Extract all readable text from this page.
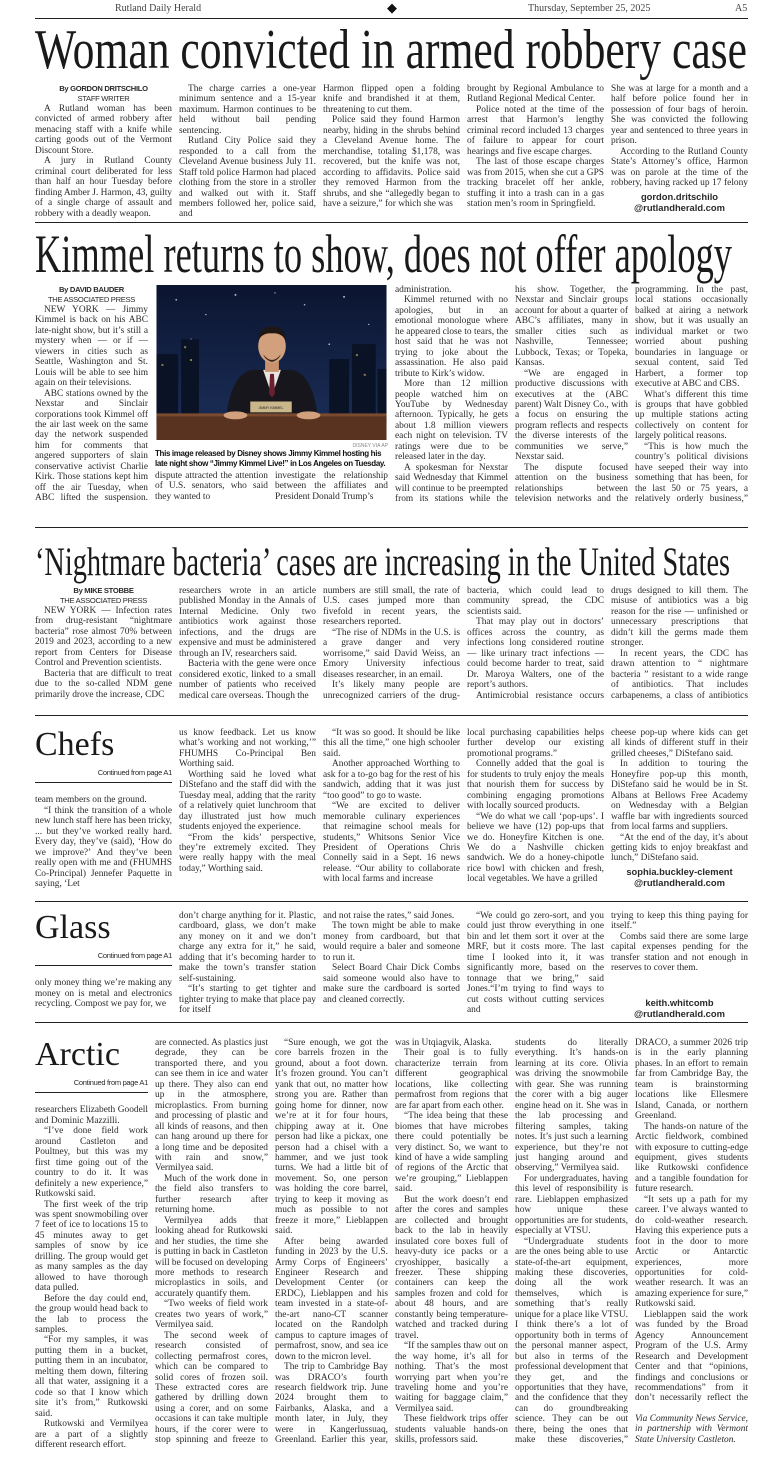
Rutland Daily Herald	◆	Thursday, September 25, 2025	A5
Woman convicted in armed robbery case
By GORDON DRITSCHILO
STAFF WRITER

A Rutland woman has been convicted of armed robbery after menacing staff with a knife while carting goods out of the Vermont Discount Store.

A jury in Rutland County criminal court deliberated for less than half an hour Tuesday before finding Amber J. Harmon, 43, guilty of a single charge of assault and robbery with a deadly weapon.

The charge carries a one-year minimum sentence and a 15-year maximum. Harmon continues to be held without bail pending sentencing.

Rutland City Police said they responded to a call from the Cleveland Avenue business July 11. Staff told police Harmon had placed clothing from the store in a stroller and walked out with it. Staff members followed her, police said, and

Harmon flipped open a folding knife and brandished it at them, threatening to cut them.

Police said they found Harmon nearby, hiding in the shrubs behind a Cleveland Avenue home. The merchandise, totaling $1,178, was recovered, but the knife was not, according to affidavits. Police said they removed Harmon from the shrubs, and she “allegedly began to have a seizure,” for which she was

brought by Regional Ambulance to Rutland Regional Medical Center.

Police noted at the time of the arrest that Harmon’s lengthy criminal record included 13 charges of failure to appear for court hearings and five escape charges.

The last of those escape charges was from 2015, when she cut a GPS tracking bracelet off her ankle, stuffing it into a trash can in a gas station men’s room in Springfield.

She was at large for a month and a half before police found her in possession of four bags of heroin. She was convicted the following year and sentenced to three years in prison.

According to the Rutland County State’s Attorney’s office, Harmon was on parole at the time of the robbery, having racked up 17 felony

gordon.dritschilo
@rutlandherald.com
Kimmel returns to show, does not offer apology
By DAVID BAUDER
THE ASSOCIATED PRESS

NEW YORK — Jimmy Kimmel is back on his ABC late-night show, but it’s still a mystery when — or if — viewers in cities such as Seattle, Washington and St. Louis will be able to see him again on their televisions.

ABC stations owned by the Nexstar and Sinclair corporations took Kimmel off the air last week on the same day the network suspended him for comments that angered supporters of slain conservative activist Charlie Kirk. Those stations kept him off the air Tuesday, when ABC lifted the suspension.

JIMMY KIMMEL
DISNEY VIA AP
This image released by Disney shows Jimmy Kimmel hosting his late night show “Jimmy Kimmel Live!” in Los Angeles on Tuesday.

dispute attracted the attention of U.S. senators, who said they wanted to

investigate the relationship between the affiliates and President Donald Trump’s

administration.

Kimmel returned with no apologies, but in an emotional monologue where he appeared close to tears, the host said that he was not trying to joke about the assassination. He also paid tribute to Kirk’s widow.

More than 12 million people watched him on YouTube by Wednesday afternoon. Typically, he gets about 1.8 million viewers each night on television. TV ratings were due to be released later in the day.

A spokesman for Nexstar said Wednesday that Kimmel will continue to be preempted from its stations while the

his show. Together, the Nexstar and Sinclair groups account for about a quarter of ABC’s affiliates, many in smaller cities such as Nashville, Tennessee; Lubbock, Texas; or Topeka, Kansas.

“We are engaged in productive discussions with executives at the (ABC parent) Walt Disney Co., with a focus on ensuring the program reflects and respects the diverse interests of the communities we serve,” Nexstar said.

The dispute focused attention on the business relationships between television networks and the

programming. In the past, local stations occasionally balked at airing a network show, but it was usually an individual market or two worried about pushing boundaries in language or sexual content, said Ted Harbert, a former top executive at ABC and CBS.

What’s different this time is groups that have gobbled up multiple stations acting collectively on content for largely political reasons.

“This is how much the country’s political divisions have seeped their way into something that has been, for the last 50 or 75 years, a relatively orderly business,”

‘Nightmare bacteria’ cases are increasing in the United States
By MIKE STOBBE
THE ASSOCIATED PRESS

NEW YORK — Infection rates from drug-resistant “nightmare bacteria” rose almost 70% between 2019 and 2023, according to a new report from Centers for Disease Control and Prevention scientists.

Bacteria that are difficult to treat due to the so-called NDM gene primarily drove the increase, CDC

researchers wrote in an article published Monday in the Annals of Internal Medicine. Only two antibiotics work against those infections, and the drugs are expensive and must be administered through an IV, researchers said.

Bacteria with the gene were once considered exotic, linked to a small number of patients who received medical care overseas. Though the

numbers are still small, the rate of U.S. cases jumped more than fivefold in recent years, the researchers reported.

“The rise of NDMs in the U.S. is a grave danger and very worrisome,” said David Weiss, an Emory University infectious diseases researcher, in an email.

It’s likely many people are unrecognized carriers of the drug-

bacteria, which could lead to community spread, the CDC scientists said.

That may play out in doctors’ offices across the country, as infections long considered routine — like urinary tract infections — could become harder to treat, said Dr. Maroya Walters, one of the report’s authors.

Antimicrobial resistance occurs

drugs designed to kill them. The misuse of antibiotics was a big reason for the rise — unfinished or unnecessary prescriptions that didn’t kill the germs made them stronger.

In recent years, the CDC has drawn attention to “ nightmare bacteria ” resistant to a wide range of antibiotics. That includes carbapenems, a class of antibiotics

Chefs
Continued from page A1

team members on the ground.

“I think the transition of a whole new lunch staff here has been tricky, ... but they’ve worked really hard. Every day, they’ve (said), ‘How do we improve?’ And they’ve been really open with me and (FHUMHS Co-Principal) Jennefer Paquette in saying, ‘Let

us know feedback. Let us know what’s working and not working,’” FHUMHS Co-Principal Ben Worthing said.

Worthing said he loved what DiStefano and the staff did with the Tuesday meal, adding that the rarity of a relatively quiet lunchroom that day illustrated just how much students enjoyed the experience.

“From the kids’ perspective, they’re extremely excited. They were really happy with the meal today,” Worthing said.

“It was so good. It should be like this all the time,” one high schooler said.

Another approached Worthing to ask for a to-go bag for the rest of his sandwich, adding that it was just “too good” to go to waste.

“We are excited to deliver memorable culinary experiences that reimagine school meals for students,” Whitsons Senior Vice President of Operations Chris Connelly said in a Sept. 16 news release. “Our ability to collaborate with local farms and increase

local purchasing capabilities helps further develop our existing promotional programs.”

Connelly added that the goal is for students to truly enjoy the meals that nourish them for success by combining engaging promotions with locally sourced products.

“We do what we call ‘pop-ups’. I believe we have (12) pop-ups that we do. Honeyfire Kitchen is one. We do a Nashville chicken sandwich. We do a honey-chipotle rice bowl with chicken and fresh, local vegetables. We have a grilled

cheese pop-up where kids can get all kinds of different stuff in their grilled cheeses,” DiStefano said.

In addition to touring the Honeyfire pop-up this month, DiStefano said he would be in St. Albans at Bellows Free Academy on Wednesday with a Belgian waffle bar with ingredients sourced from local farms and suppliers.

“At the end of the day, it’s about getting kids to enjoy breakfast and lunch,” DiStefano said.

sophia.buckley-clement
@rutlandherald.com
Glass
Continued from page A1

only money thing we’re making any money on is metal and electronics recycling. Compost we pay for, we

don’t charge anything for it. Plastic, cardboard, glass, we don’t make any money on it and we don’t charge any extra for it,” he said, adding that it’s becoming harder to make the town’s transfer station self-sustaining.

“It’s starting to get tighter and tighter trying to make that place pay for itself

and not raise the rates,” said Jones.

The town might be able to make money from cardboard, but that would require a baler and someone to run it.

Select Board Chair Dick Combs said someone would also have to make sure the cardboard is sorted and cleaned correctly.

“We could go zero-sort, and you could just throw everything in one bin and let them sort it over at the MRF, but it costs more. The last time I looked into it, it was significantly more, based on the tonnage that we bring,” said Jones.“I’m trying to find ways to cut costs without cutting services and

trying to keep this thing paying for itself.”

Combs said there are some large capital expenses pending for the transfer station and not enough in reserves to cover them.

keith.whitcomb
@rutlandherald.com
Arctic
Continued from page A1

researchers Elizabeth Goodell and Dominic Mazzilli.

“I’ve done field work around Castleton and Poultney, but this was my first time going out of the country to do it. It was definitely a new experience,” Rutkowski said.

The first week of the trip was spent snowmobiling over 7 feet of ice to locations 15 to 45 minutes away to get samples of snow by ice drilling. The group would get as many samples as the day allowed to have thorough data pulled.

Before the day could end, the group would head back to the lab to process the samples.

“For my samples, it was putting them in a bucket, putting them in an incubator, melting them down, filtering all that water, assigning it a code so that I know which site it’s from,” Rutkowski said.

Rutkowski and Vermilyea are a part of a slightly different research effort.

are connected. As plastics just degrade, they can be transported there, and you can see them in ice and water up there. They also can end up in the atmosphere, microplastics. From burning and processing of plastic and all kinds of reasons, and then can hang around up there for a long time and be deposited with rain and snow,” Vermilyea said.

Much of the work done in the field also transfers to further research after returning home.

Vermilyea adds that looking ahead for Rutkowski and her studies, the time she is putting in back in Castleton will be focused on developing more methods to research microplastics in soils, and accurately quantify them.

“Two weeks of field work creates two years of work,” Vermilyea said.

The second week of research consisted of collecting permafrost cores, which can be compared to solid cores of frozen soil. These extracted cores are gathered by drilling down using a corer, and on some occasions it can take multiple hours, if the corer were to stop spinning and freeze to

“Sure enough, we got the core barrels frozen in the ground, about a foot down. It’s frozen ground. You can’t yank that out, no matter how strong you are. Rather than going home for dinner, now we’re at it for four hours, chipping away at it. One person had like a pickax, one person had a chisel with a hammer, and we just took turns. We had a little bit of movement. So, one person was holding the core barrel, trying to keep it moving as much as possible to not freeze it more,” Lieblappen said.

After being awarded funding in 2023 by the U.S. Army Corps of Engineers’ Engineer Research and Development Center (or ERDC), Lieblappen and his team invested in a state-of-the-art nano-CT scanner located on the Randolph campus to capture images of permafrost, snow, and sea ice down to the micron level.

The trip to Cambridge Bay was DRACO’s fourth research fieldwork trip. June 2024 brought them to Fairbanks, Alaska, and a month later, in July, they were in Kangerlussuaq, Greenland. Earlier this year,

was in Utqiagvik, Alaska.

Their goal is to fully characterize terrain from different geographical locations, like collecting permafrost from regions that are far apart from each other.

“The idea being that these biomes that have microbes there could potentially be very distinct. So, we want to kind of have a wide sampling of regions of the Arctic that we’re grouping,” Lieblappen said.

But the work doesn’t end after the cores and samples are collected and brought back to the lab in heavily insulated core boxes full of heavy-duty ice packs or a cryoshipper, basically a freezer. These shipping containers can keep the samples frozen and cold for about 48 hours, and are constantly being temperature-watched and tracked during travel.

“If the samples thaw out on the way home, it’s all for nothing. That’s the most worrying part when you’re traveling home and you’re waiting for baggage claim,” Vermilyea said.

These fieldwork trips offer students valuable hands-on skills, professors said.

students do literally everything. It’s hands-on learning at its core. Olivia was driving the snowmobile with gear. She was running the corer with a big auger engine head on it. She was in the lab processing and filtering samples, taking notes. It’s just such a learning experience, but they’re not just hanging around and observing,” Vermilyea said.

For undergraduates, having this level of responsibility is rare. Lieblappen emphasized how unique these opportunities are for students, especially at VTSU.

“Undergraduate students are the ones being able to use state-of-the-art equipment, making these discoveries, doing all the work themselves, which is something that’s really unique for a place like VTSU. I think there’s a lot of opportunity both in terms of the personal manner aspect, but also in terms of the professional development that they get, and the opportunities that they have, and the confidence that they can do groundbreaking science. They can be out there, being the ones that make these discoveries,”

DRACO, a summer 2026 trip is in the early planning phases. In an effort to remain far from Cambridge Bay, the team is brainstorming locations like Ellesmere Island, Canada, or northern Greenland.

The hands-on nature of the Arctic fieldwork, combined with exposure to cutting-edge equipment, gives students like Rutkowski confidence and a tangible foundation for future research.

“It sets up a path for my career. I’ve always wanted to do cold-weather research. Having this experience puts a foot in the door to more Arctic or Antarctic experiences, more opportunities for cold-weather research. It was an amazing experience for sure,” Rutkowski said.

Lieblappen said the work was funded by the Broad Agency Announcement Program of the U.S. Army Research and Development Center and that “opinions, findings and conclusions or recommendations” from it don’t necessarily reflect the

Via Community News Service, in partnership with Vermont State University Castleton.
